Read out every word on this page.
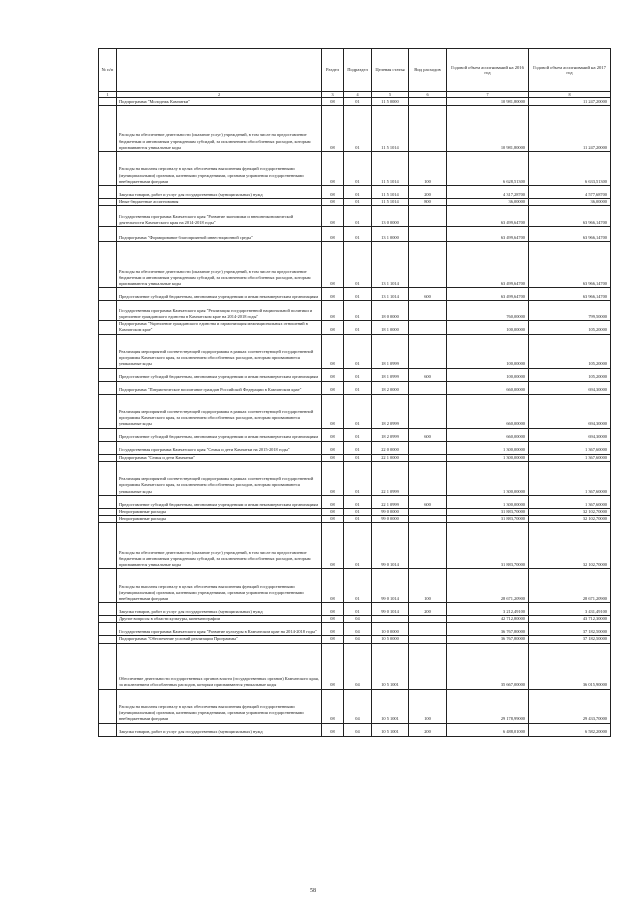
№ п/п		Раздел	Подраздел	Целевая статья	Вид расходов	Годовой объем ассигнований на 2016 год	Годовой объем ассигнований на 2017 год
1	2	3	4	5	6	7	8
	Подпрограмма "Молодежь Камчатки"	08	01	11 5 0000		10 981,80000	11 247,20000
	Расходы на обеспечение деятельности (оказание услуг) учреждений, в том числе на предоставление бюджетным и автономным учреждениям субсидий, за исключением обособленных расходов, которым присваиваются уникальные коды	08	01	11 5 1014		10 981,80000	11 247,20000
	Расходы на выплаты персоналу в целях обеспечения выполнения функций государственными (муниципальными) органами, казенными учреждениями, органами управления государственными внебюджетными фондами	08	01	11 5 1014	100	6 628,51300	6 633,51300
	Закупка товаров, работ и услуг для государственных (муниципальных) нужд	08	01	11 5 1014	200	4 317,28700	4 577,68700
	Иные бюджетные ассигнования	08	01	11 5 1014	800	36,00000	36,00000
	Государственная программа Камчатского края "Развитие экономики и внешнеэкономической деятельности Камчатского края на 2014-2018 годы"	08	01	13 0 0000		63 499,64700	63 966,14700
	Подпрограмма "Формирование благоприятной инвестиционной среды"	08	01	13 1 0000		63 499,64700	63 966,14700
	Расходы на обеспечение деятельности (оказание услуг) учреждений, в том числе на предоставление бюджетным и автономным учреждениям субсидий, за исключением обособленных расходов, которым присваиваются уникальные коды	08	01	13 1 1014		63 499,64700	63 966,14700
	Предоставление субсидий бюджетным, автономным учреждениям и иным некоммерческим организациям	08	01	13 1 1014	600	63 499,64700	63 966,14700
	Государственная программа Камчатского края "Реализация государственной национальной политики и укрепление гражданского единства в Камчатском крае на 2014-2018 годы"	08	01	18 0 0000		760,00000	799,50000
	Подпрограмма "Укрепление гражданского единства и гармонизация межнациональных отношений в Камчатском крае"	08	01	18 1 0000		100,00000	105,20000
	Реализация мероприятий соответствующей подпрограммы в рамках соответствующей государственной программы Камчатского края, за исключением обособленных расходов, которым присваиваются уникальные коды	08	01	18 1 0999		100,00000	105,20000
	Предоставление субсидий бюджетным, автономным учреждениям и иным некоммерческим организациям	08	01	18 1 0999	600	100,00000	105,20000
	Подпрограмма "Патриотическое воспитание граждан Российской Федерации в Камчатском крае"	08	01	18 2 0000		660,00000	694,30000
	Реализация мероприятий соответствующей подпрограммы в рамках соответствующей государственной программы Камчатского края, за исключением обособленных расходов, которым присваиваются уникальные коды	08	01	18 2 0999		660,00000	694,30000
	Предоставление субсидий бюджетным, автономным учреждениям и иным некоммерческим организациям	08	01	18 2 0999	600	660,00000	694,30000
	Государственная программа Камчатского края "Семья и дети Камчатки на 2015-2018 годы"	08	01	22 0 0000		1 300,00000	1 367,60000
	Подпрограмма "Семья и дети Камчатки"	08	01	22 1 0000		1 300,00000	1 367,60000
	Реализация мероприятий соответствующей подпрограммы в рамках соответствующей государственной программы Камчатского края, за исключением обособленных расходов, которым присваиваются уникальные коды	08	01	22 1 0999		1 300,00000	1 367,60000
	Предоставление субсидий бюджетным, автономным учреждениям и иным некоммерческим организациям	08	01	22 1 0999	600	1 300,00000	1 367,60000
	Непрограммные расходы	08	01	99 0 0000		31 883,70000	32 102,70000
	Непрограммные расходы	08	01	99 0 0000		31 883,70000	32 102,70000
	Расходы на обеспечение деятельности (оказание услуг) учреждений, в том числе на предоставление бюджетным и автономным учреждениям субсидий, за исключением обособленных расходов, которым присваиваются уникальные коды	08	01	99 0 1014		31 883,70000	32 102,70000
	Расходы на выплаты персоналу в целях обеспечения выполнения функций государственными (муниципальными) органами, казенными учреждениями, органами управления государственными внебюджетными фондами	08	01	99 0 1014	100	28 671,20900	28 671,20900
	Закупка товаров, работ и услуг для государственных (муниципальных) нужд	08	01	99 0 1014	200	3 212,49100	3 431,49100
	Другие вопросы в области культуры, кинематографии	08	04			42 712,80000	43 712,30000
	Государственная программа Камчатского края "Развитие культуры в Камчатском крае на 2014-2018 годы"	08	04	10 0 0000		36 767,80000	37 182,50000
	Подпрограмма "Обеспечение условий реализации Программы"	08	04	10 5 0000		36 767,80000	37 182,50000
	Обеспечение деятельности государственных органов власти (государственных органов) Камчатского края, за исключением обособленных расходов, которым присваиваются уникальные коды	08	04	10 5 1001		35 667,00000	36 015,90000
	Расходы на выплаты персоналу в целях обеспечения выполнения функций государственными (муниципальными) органами, казенными учреждениями, органами управления государственными внебюджетными фондами	08	04	10 5 1001	100	29 178,99000	29 433,70000
	Закупка товаров, работ и услуг для государственных (муниципальных) нужд	08	04	10 5 1001	200	6 488,01000	6 582,20000
58
